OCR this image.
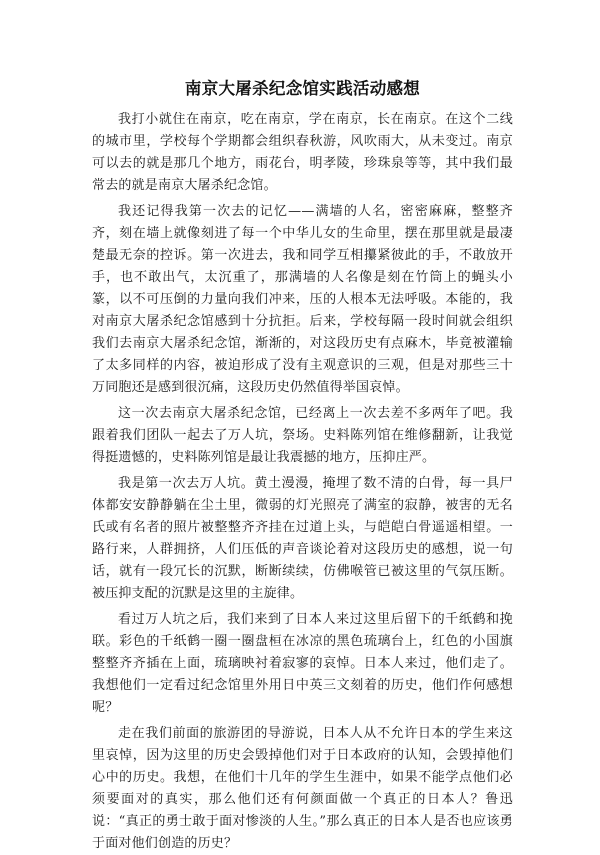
南京大屠杀纪念馆实践活动感想

我打小就住在南京，吃在南京，学在南京，长在南京。在这个二线的城市里，学校每个学期都会组织春秋游，风吹雨大，从未变过。南京可以去的就是那几个地方，雨花台，明孝陵，珍珠泉等等，其中我们最常去的就是南京大屠杀纪念馆。

我还记得我第一次去的记忆——满墙的人名，密密麻麻，整整齐齐，刻在墙上就像刻进了每一个中华儿女的生命里，摆在那里就是最凄楚最无奈的控诉。第一次进去，我和同学互相攥紧彼此的手，不敢放开手，也不敢出气，太沉重了，那满墙的人名像是刻在竹筒上的蝇头小篆，以不可压倒的力量向我们冲来，压的人根本无法呼吸。本能的，我对南京大屠杀纪念馆感到十分抗拒。后来，学校每隔一段时间就会组织我们去南京大屠杀纪念馆，渐渐的，对这段历史有点麻木，毕竟被灌输了太多同样的内容，被迫形成了没有主观意识的三观，但是对那些三十万同胞还是感到很沉痛，这段历史仍然值得举国哀悼。

这一次去南京大屠杀纪念馆，已经离上一次去差不多两年了吧。我跟着我们团队一起去了万人坑，祭场。史料陈列馆在维修翻新，让我觉得挺遗憾的，史料陈列馆是最让我震撼的地方，压抑庄严。

我是第一次去万人坑。黄土漫漫，掩埋了数不清的白骨，每一具尸体都安安静静躺在尘土里，微弱的灯光照亮了满室的寂静，被害的无名氏或有名者的照片被整整齐齐挂在过道上头，与皑皑白骨遥遥相望。一路行来，人群拥挤，人们压低的声音谈论着对这段历史的感想，说一句话，就有一段冗长的沉默，断断续续，仿佛喉管已被这里的气氛压断。被压抑支配的沉默是这里的主旋律。

看过万人坑之后，我们来到了日本人来过这里后留下的千纸鹤和挽联。彩色的千纸鹤一圈一圈盘桓在冰凉的黑色琉璃台上，红色的小国旗整整齐齐插在上面，琉璃映衬着寂寥的哀悼。日本人来过，他们走了。我想他们一定看过纪念馆里外用日中英三文刻着的历史，他们作何感想呢？

走在我们前面的旅游团的导游说，日本人从不允许日本的学生来这里哀悼，因为这里的历史会毁掉他们对于日本政府的认知，会毁掉他们心中的历史。我想，在他们十几年的学生生涯中，如果不能学点他们必须要面对的真实，那么他们还有何颜面做一个真正的日本人？鲁迅说：“真正的勇士敢于面对惨淡的人生。”那么真正的日本人是否也应该勇于面对他们创造的历史？
